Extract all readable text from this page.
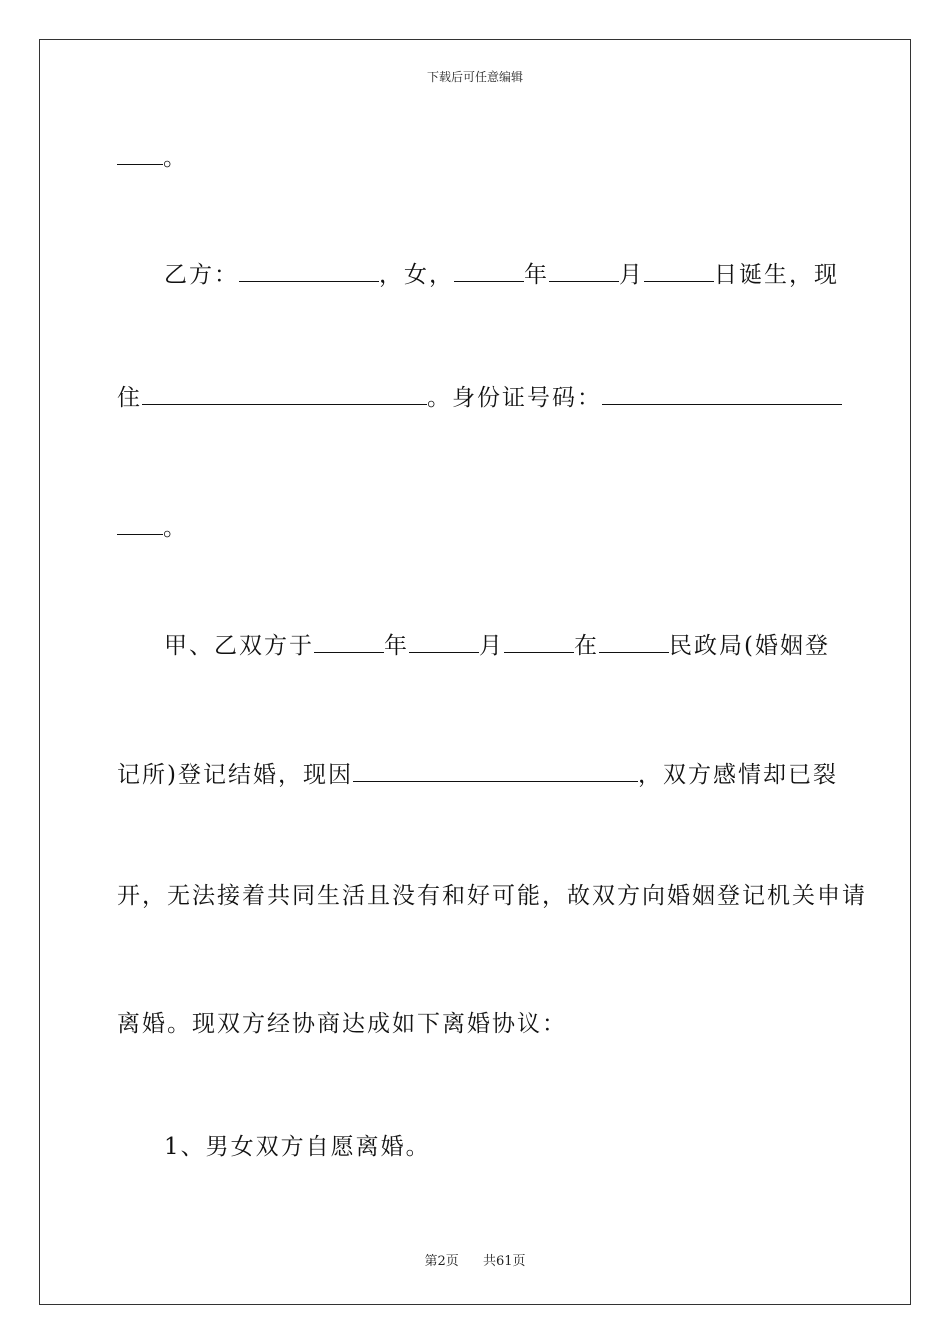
下载后可任意编辑
。
乙方：	，女，	年	月	日诞生，现
住	。身份证号码：
。
甲、乙双方于	年	月	在	民政局(婚姻登
记所)登记结婚，现因	，双方感情却已裂
开，无法接着共同生活且没有和好可能，故双方向婚姻登记机关申请
离婚。现双方经协商达成如下离婚协议：
1、男女双方自愿离婚。
第2页 共61页
